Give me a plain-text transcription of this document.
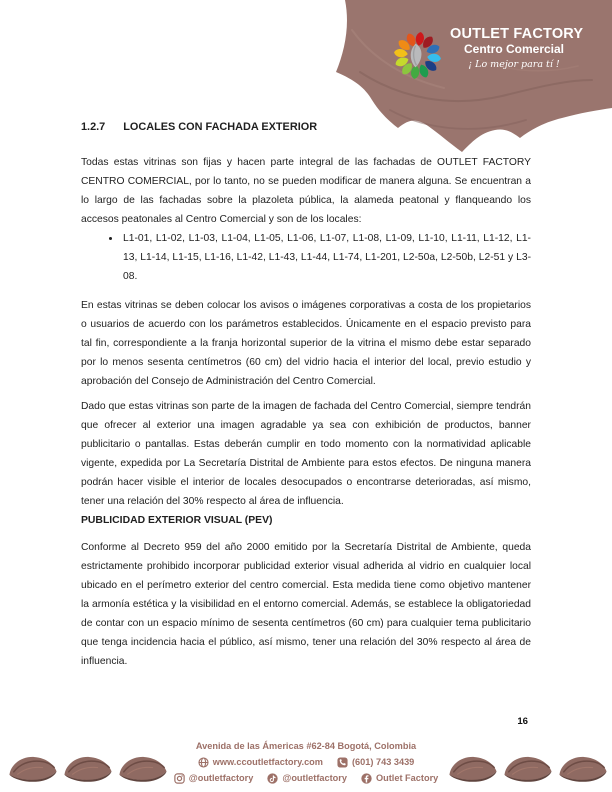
OUTLET FACTORY
Centro Comercial
¡ Lo mejor para tí !
1.2.7 LOCALES CON FACHADA EXTERIOR

Todas estas vitrinas son fijas y hacen parte integral de las fachadas de OUTLET FACTORY CENTRO COMERCIAL, por lo tanto, no se pueden modificar de manera alguna. Se encuentran a lo largo de las fachadas sobre la plazoleta pública, la alameda peatonal y flanqueando los accesos peatonales al Centro Comercial y son de los locales:

• L1-01, L1-02, L1-03, L1-04, L1-05, L1-06, L1-07, L1-08, L1-09, L1-10, L1-11, L1-12, L1-13, L1-14, L1-15, L1-16, L1-42, L1-43, L1-44, L1-74, L1-201, L2-50a, L2-50b, L2-51 y L3-08.

En estas vitrinas se deben colocar los avisos o imágenes corporativas a costa de los propietarios o usuarios de acuerdo con los parámetros establecidos. Únicamente en el espacio previsto para tal fin, correspondiente a la franja horizontal superior de la vitrina el mismo debe estar separado por lo menos sesenta centímetros (60 cm) del vidrio hacia el interior del local, previo estudio y aprobación del Consejo de Administración del Centro Comercial.

Dado que estas vitrinas son parte de la imagen de fachada del Centro Comercial, siempre tendrán que ofrecer al exterior una imagen agradable ya sea con exhibición de productos, banner publicitario o pantallas. Estas deberán cumplir en todo momento con la normatividad aplicable vigente, expedida por La Secretaría Distrital de Ambiente para estos efectos. De ninguna manera podrán hacer visible el interior de locales desocupados o encontrarse deterioradas, así mismo, tener una relación del 30% respecto al área de influencia.

PUBLICIDAD EXTERIOR VISUAL (PEV)

Conforme al Decreto 959 del año 2000 emitido por la Secretaría Distrital de Ambiente, queda estrictamente prohibido incorporar publicidad exterior visual adherida al vidrio en cualquier local ubicado en el perímetro exterior del centro comercial. Esta medida tiene como objetivo mantener la armonía estética y la visibilidad en el entorno comercial. Además, se establece la obligatoriedad de contar con un espacio mínimo de sesenta centímetros (60 cm) para cualquier tema publicitario que tenga incidencia hacia el público, así mismo, tener una relación del 30% respecto al área de influencia.

16
Avenida de las Ámericas #62-84 Bogotá, Colombia
www.ccoutletfactory.com	(601) 743 3439
@outletfactory	@outletfactory	Outlet Factory
